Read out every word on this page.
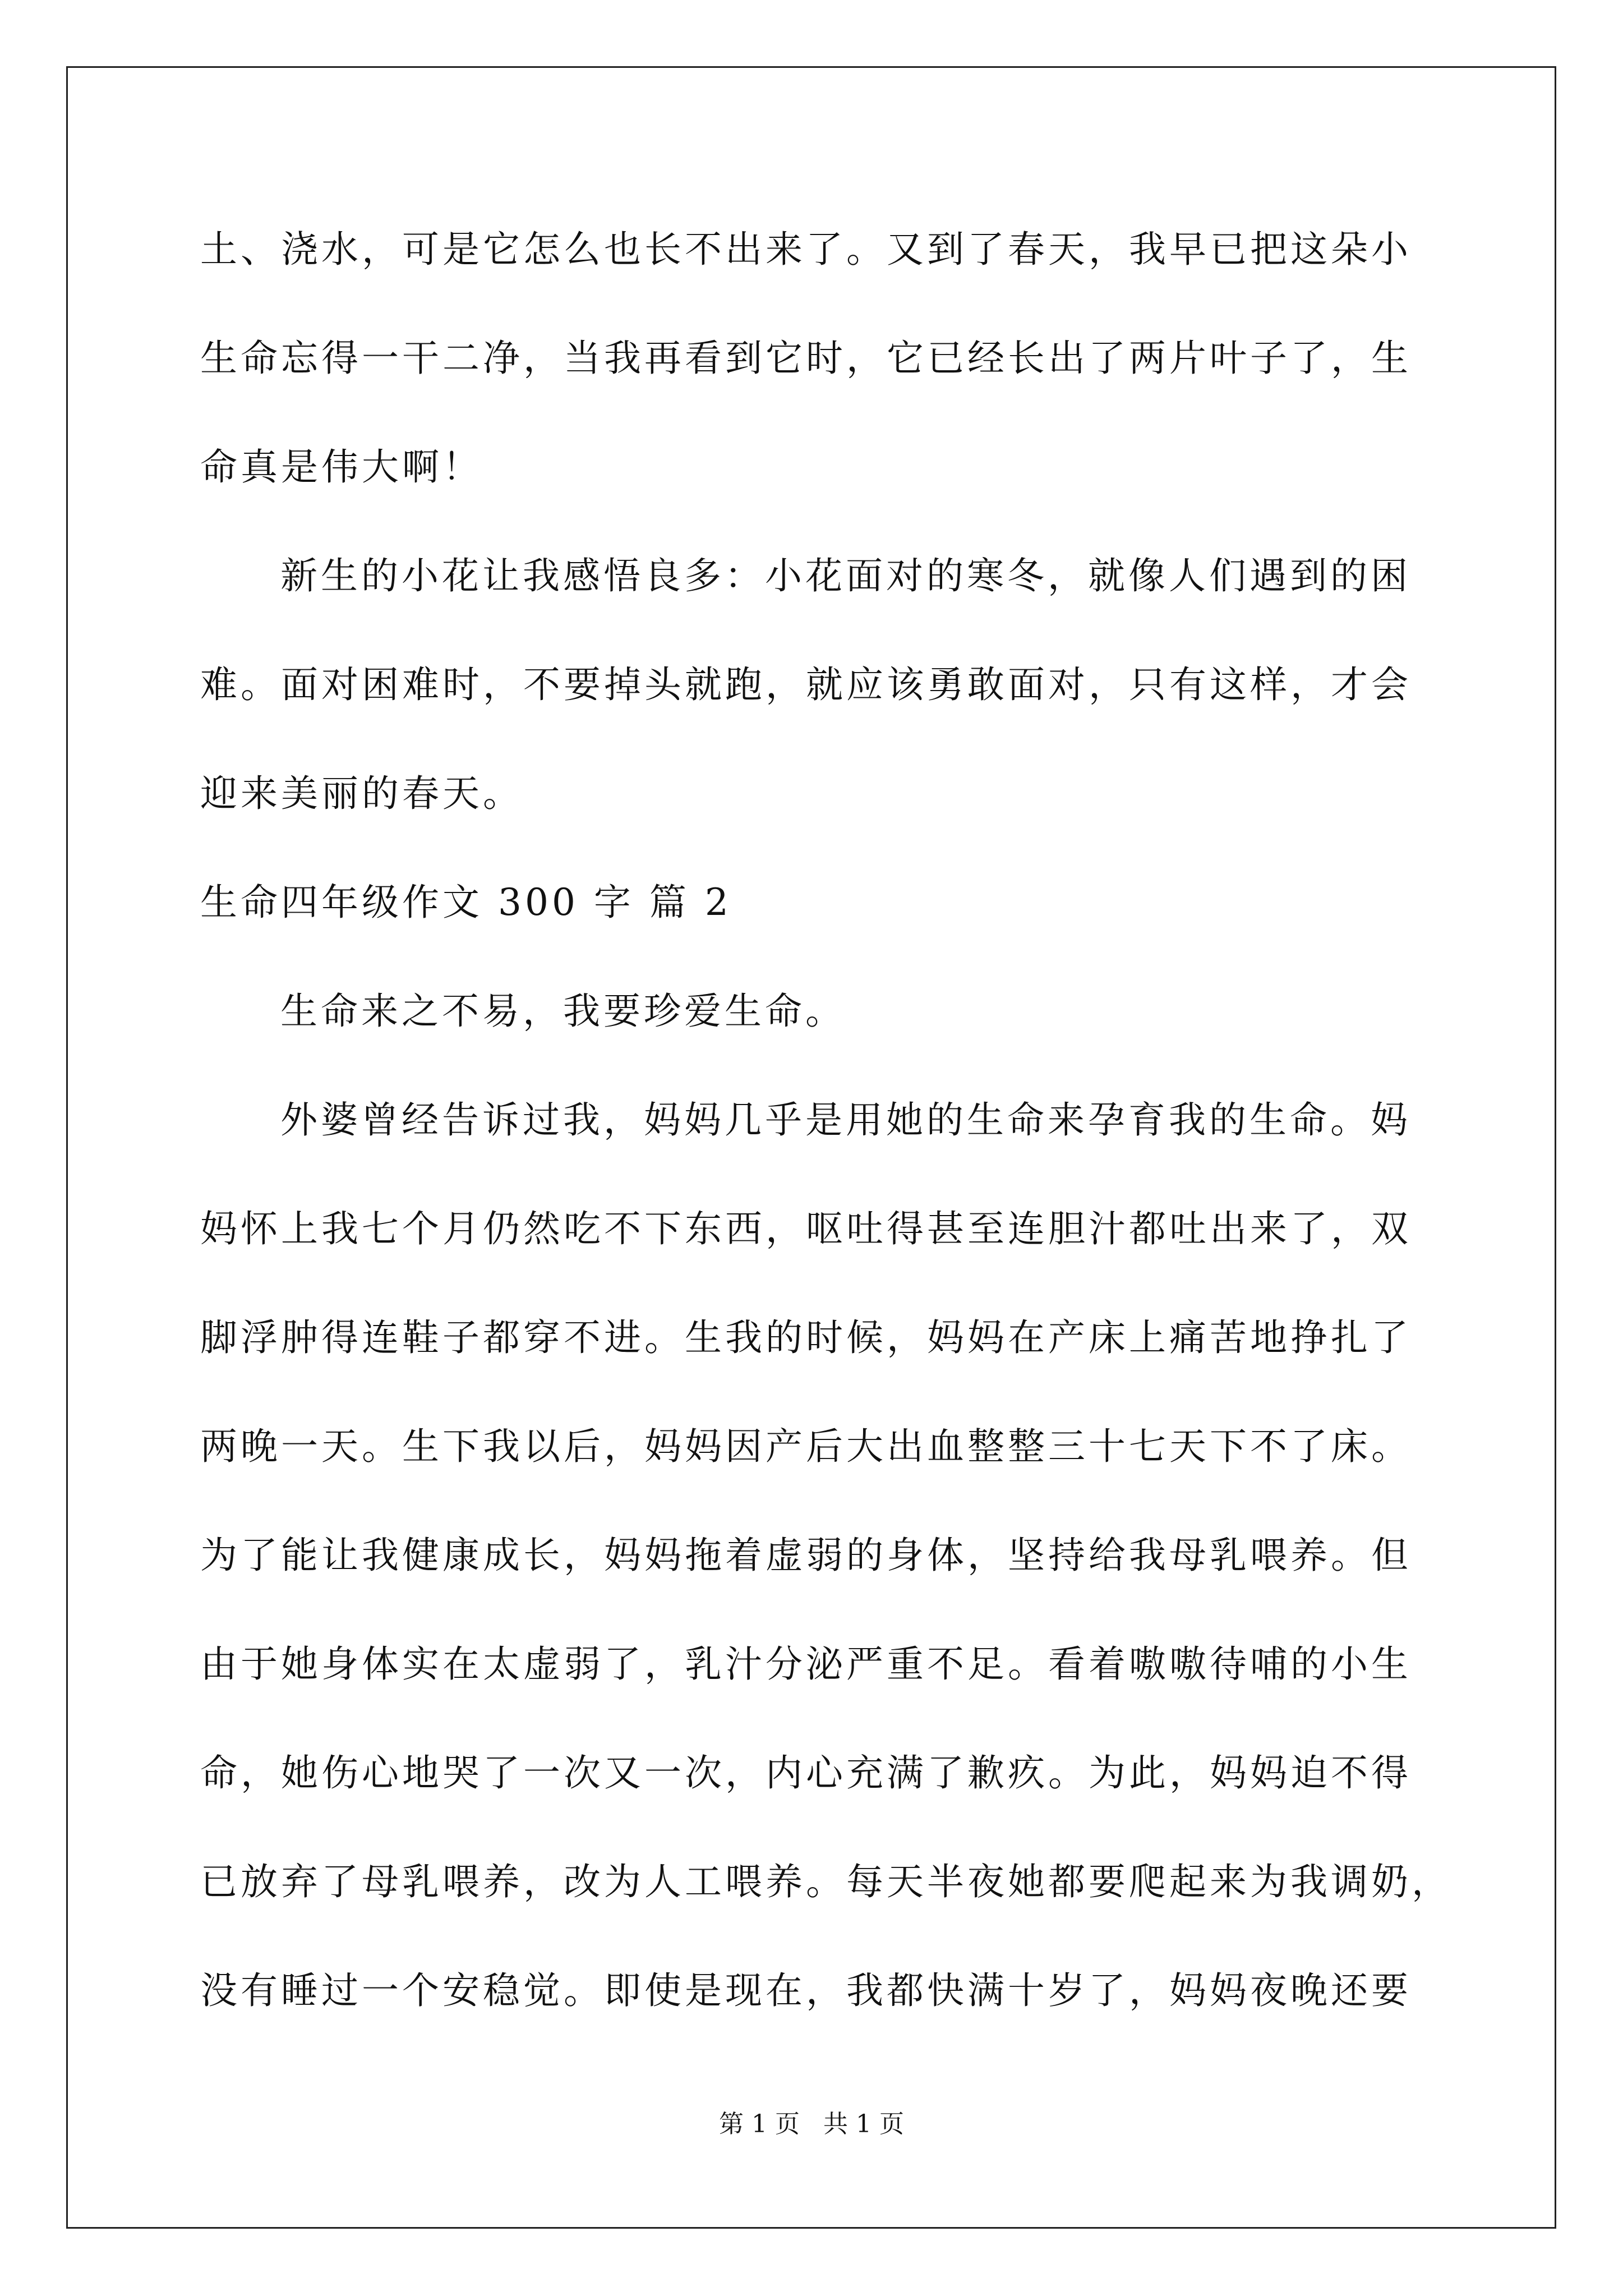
土、浇水，可是它怎么也长不出来了。又到了春天，我早已把这朵小
生命忘得一干二净，当我再看到它时，它已经长出了两片叶子了，生
命真是伟大啊！
新生的小花让我感悟良多：小花面对的寒冬，就像人们遇到的困
难。面对困难时，不要掉头就跑，就应该勇敢面对，只有这样，才会
迎来美丽的春天。
生命四年级作文 300 字 篇 2
生命来之不易，我要珍爱生命。
外婆曾经告诉过我，妈妈几乎是用她的生命来孕育我的生命。妈
妈怀上我七个月仍然吃不下东西，呕吐得甚至连胆汁都吐出来了，双
脚浮肿得连鞋子都穿不进。生我的时候，妈妈在产床上痛苦地挣扎了
两晚一天。生下我以后，妈妈因产后大出血整整三十七天下不了床。
为了能让我健康成长，妈妈拖着虚弱的身体，坚持给我母乳喂养。但
由于她身体实在太虚弱了，乳汁分泌严重不足。看着嗷嗷待哺的小生
命，她伤心地哭了一次又一次，内心充满了歉疚。为此，妈妈迫不得
已放弃了母乳喂养，改为人工喂养。每天半夜她都要爬起来为我调奶，
没有睡过一个安稳觉。即使是现在，我都快满十岁了，妈妈夜晚还要
第 1 页   共 1 页
